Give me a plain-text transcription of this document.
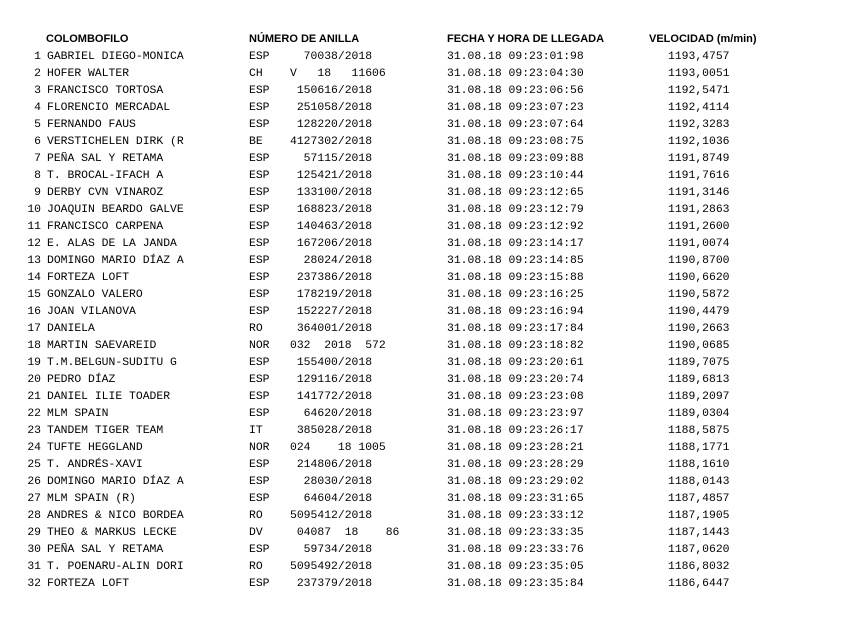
COLOMBOFILO	NÚMERO DE ANILLA	FECHA Y HORA DE LLEGADA	VELOCIDAD (m/min)
1 GABRIEL DIEGO-MONICA	ESP     70038/2018	31.08.18 09:23:01:98	1193,4757
2 HOFER WALTER	CH    V   18   11606	31.08.18 09:23:04:30	1193,0051
3 FRANCISCO TORTOSA	ESP    150616/2018	31.08.18 09:23:06:56	1192,5471
4 FLORENCIO MERCADAL	ESP    251058/2018	31.08.18 09:23:07:23	1192,4114
5 FERNANDO FAUS	ESP    128220/2018	31.08.18 09:23:07:64	1192,3283
6 VERSTICHELEN DIRK (R	BE    4127302/2018	31.08.18 09:23:08:75	1192,1036
7 PEÑA SAL Y RETAMA	ESP     57115/2018	31.08.18 09:23:09:88	1191,8749
8 T. BROCAL-IFACH A	ESP    125421/2018	31.08.18 09:23:10:44	1191,7616
9 DERBY CVN VINAROZ	ESP    133100/2018	31.08.18 09:23:12:65	1191,3146
10 JOAQUIN BEARDO GALVE	ESP    168823/2018	31.08.18 09:23:12:79	1191,2863
11 FRANCISCO CARPENA	ESP    140463/2018	31.08.18 09:23:12:92	1191,2600
12 E. ALAS DE LA JANDA	ESP    167206/2018	31.08.18 09:23:14:17	1191,0074
13 DOMINGO MARIO DÍAZ A	ESP     28024/2018	31.08.18 09:23:14:85	1190,8700
14 FORTEZA LOFT	ESP    237386/2018	31.08.18 09:23:15:88	1190,6620
15 GONZALO VALERO	ESP    178219/2018	31.08.18 09:23:16:25	1190,5872
16 JOAN VILANOVA	ESP    152227/2018	31.08.18 09:23:16:94	1190,4479
17 DANIELA	RO     364001/2018	31.08.18 09:23:17:84	1190,2663
18 MARTIN SAEVAREID	NOR   032  2018  572	31.08.18 09:23:18:82	1190,0685
19 T.M.BELGUN-SUDITU G	ESP    155400/2018	31.08.18 09:23:20:61	1189,7075
20 PEDRO DÍAZ	ESP    129116/2018	31.08.18 09:23:20:74	1189,6813
21 DANIEL ILIE TOADER	ESP    141772/2018	31.08.18 09:23:23:08	1189,2097
22 MLM SPAIN	ESP     64620/2018	31.08.18 09:23:23:97	1189,0304
23 TANDEM TIGER TEAM	IT     385028/2018	31.08.18 09:23:26:17	1188,5875
24 TUFTE HEGGLAND	NOR   024    18 1005	31.08.18 09:23:28:21	1188,1771
25 T. ANDRÉS-XAVI	ESP    214806/2018	31.08.18 09:23:28:29	1188,1610
26 DOMINGO MARIO DÍAZ A	ESP     28030/2018	31.08.18 09:23:29:02	1188,0143
27 MLM SPAIN (R)	ESP     64604/2018	31.08.18 09:23:31:65	1187,4857
28 ANDRES & NICO BORDEA	RO    5095412/2018	31.08.18 09:23:33:12	1187,1905
29 THEO & MARKUS LECKE	DV     04087  18    86	31.08.18 09:23:33:35	1187,1443
30 PEÑA SAL Y RETAMA	ESP     59734/2018	31.08.18 09:23:33:76	1187,0620
31 T. POENARU-ALIN DORI	RO    5095492/2018	31.08.18 09:23:35:05	1186,8032
32 FORTEZA LOFT	ESP    237379/2018	31.08.18 09:23:35:84	1186,6447
